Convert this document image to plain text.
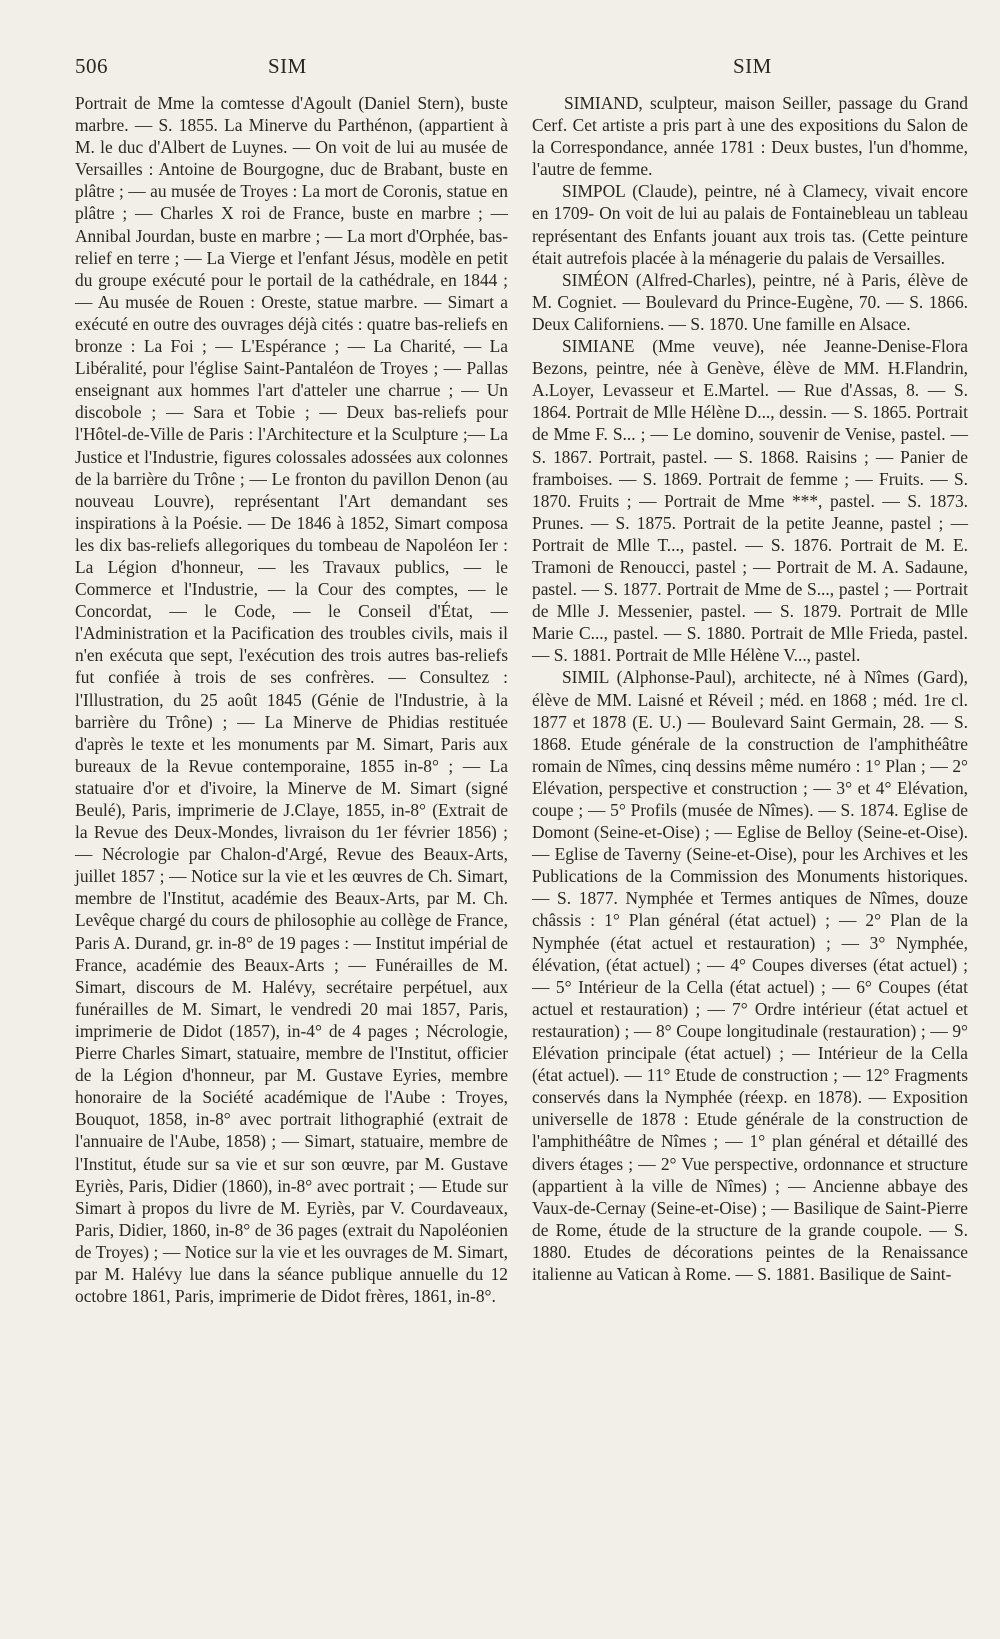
506	SIM	SIM

Portrait de Mme la comtesse d'Agoult (Daniel Stern), buste marbre. — S. 1855. La Minerve du Parthénon, (appartient à M. le duc d'Albert de Luynes. — On voit de lui au musée de Versailles : Antoine de Bourgogne, duc de Brabant, buste en plâtre ; — au musée de Troyes : La mort de Coronis, statue en plâtre ; — Charles X roi de France, buste en marbre ; — Annibal Jourdan, buste en marbre ; — La mort d'Orphée, bas-relief en terre ; — La Vierge et l'enfant Jésus, modèle en petit du groupe exécuté pour le portail de la cathédrale, en 1844 ; — Au musée de Rouen : Oreste, statue marbre. — Simart a exécuté en outre des ouvrages déjà cités : quatre bas-reliefs en bronze : La Foi ; — L'Espérance ; — La Charité, — La Libéralité, pour l'église Saint-Pantaléon de Troyes ; — Pallas enseignant aux hommes l'art d'atteler une charrue ; — Un discobole ; — Sara et Tobie ; — Deux bas-reliefs pour l'Hôtel-de-Ville de Paris : l'Architecture et la Sculpture ;— La Justice et l'Industrie, figures colossales adossées aux colonnes de la barrière du Trône ; — Le fronton du pavillon Denon (au nouveau Louvre), représentant l'Art demandant ses inspirations à la Poésie. — De 1846 à 1852, Simart composa les dix bas-reliefs allegoriques du tombeau de Napoléon Ier : La Légion d'honneur, — les Travaux publics, — le Commerce et l'Industrie, — la Cour des comptes, — le Concordat, — le Code, — le Conseil d'État, — l'Administration et la Pacification des troubles civils, mais il n'en exécuta que sept, l'exécution des trois autres bas-reliefs fut confiée à trois de ses confrères. — Consultez : l'Illustration, du 25 août 1845 (Génie de l'Industrie, à la barrière du Trône) ; — La Minerve de Phidias restituée d'après le texte et les monuments par M. Simart, Paris aux bureaux de la Revue contemporaine, 1855 in-8° ; — La statuaire d'or et d'ivoire, la Minerve de M. Simart (signé Beulé), Paris, imprimerie de J.Claye, 1855, in-8° (Extrait de la Revue des Deux-Mondes, livraison du 1er février 1856) ; — Nécrologie par Chalon-d'Argé, Revue des Beaux-Arts, juillet 1857 ; — Notice sur la vie et les œuvres de Ch. Simart, membre de l'Institut, académie des Beaux-Arts, par M. Ch. Levêque chargé du cours de philosophie au collège de France, Paris A. Durand, gr. in-8° de 19 pages : — Institut impérial de France, académie des Beaux-Arts ; — Funérailles de M. Simart, discours de M. Halévy, secrétaire perpétuel, aux funérailles de M. Simart, le vendredi 20 mai 1857, Paris, imprimerie de Didot (1857), in-4° de 4 pages ; Nécrologie, Pierre Charles Simart, statuaire, membre de l'Institut, officier de la Légion d'honneur, par M. Gustave Eyries, membre honoraire de la Société académique de l'Aube : Troyes, Bouquot, 1858, in-8° avec portrait lithographié (extrait de l'annuaire de l'Aube, 1858) ; — Simart, statuaire, membre de l'Institut, étude sur sa vie et sur son œuvre, par M. Gustave Eyriès, Paris, Didier (1860), in-8° avec portrait ; — Etude sur Simart à propos du livre de M. Eyriès, par V. Courdaveaux, Paris, Didier, 1860, in-8° de 36 pages (extrait du Napoléonien de Troyes) ; — Notice sur la vie et les ouvrages de M. Simart, par M. Halévy lue dans la séance publique annuelle du 12 octobre 1861, Paris, imprimerie de Didot frères, 1861, in-8°.

SIMIAND, sculpteur, maison Seiller, passage du Grand Cerf. Cet artiste a pris part à une des expositions du Salon de la Correspondance, année 1781 : Deux bustes, l'un d'homme, l'autre de femme.

SIMPOL (Claude), peintre, né à Clamecy, vivait encore en 1709- On voit de lui au palais de Fontainebleau un tableau représentant des Enfants jouant aux trois tas. (Cette peinture était autrefois placée à la ménagerie du palais de Versailles.

SIMÉON (Alfred-Charles), peintre, né à Paris, élève de M. Cogniet. — Boulevard du Prince-Eugène, 70. — S. 1866. Deux Californiens. — S. 1870. Une famille en Alsace.

SIMIANE (Mme veuve), née Jeanne-Denise-Flora Bezons, peintre, née à Genève, élève de MM. H.Flandrin, A.Loyer, Levasseur et E.Martel. — Rue d'Assas, 8. — S. 1864. Portrait de Mlle Hélène D..., dessin. — S. 1865. Portrait de Mme F. S... ; — Le domino, souvenir de Venise, pastel. — S. 1867. Portrait, pastel. — S. 1868. Raisins ; — Panier de framboises. — S. 1869. Portrait de femme ; — Fruits. — S. 1870. Fruits ; — Portrait de Mme ***, pastel. — S. 1873. Prunes. — S. 1875. Portrait de la petite Jeanne, pastel ; — Portrait de Mlle T..., pastel. — S. 1876. Portrait de M. E. Tramoni de Renoucci, pastel ; — Portrait de M. A. Sadaune, pastel. — S. 1877. Portrait de Mme de S..., pastel ; — Portrait de Mlle J. Messenier, pastel. — S. 1879. Portrait de Mlle Marie C..., pastel. — S. 1880. Portrait de Mlle Frieda, pastel. — S. 1881. Portrait de Mlle Hélène V..., pastel.

SIMIL (Alphonse-Paul), architecte, né à Nîmes (Gard), élève de MM. Laisné et Réveil ; méd. en 1868 ; méd. 1re cl. 1877 et 1878 (E. U.) — Boulevard Saint Germain, 28. — S. 1868. Etude générale de la construction de l'amphithéâtre romain de Nîmes, cinq dessins même numéro : 1° Plan ; — 2° Elévation, perspective et construction ; — 3° et 4° Elévation, coupe ; — 5° Profils (musée de Nîmes). — S. 1874. Eglise de Domont (Seine-et-Oise) ; — Eglise de Belloy (Seine-et-Oise). — Eglise de Taverny (Seine-et-Oise), pour les Archives et les Publications de la Commission des Monuments historiques. — S. 1877. Nymphée et Termes antiques de Nîmes, douze châssis : 1° Plan général (état actuel) ; — 2° Plan de la Nymphée (état actuel et restauration) ; — 3° Nymphée, élévation, (état actuel) ; — 4° Coupes diverses (état actuel) ; — 5° Intérieur de la Cella (état actuel) ; — 6° Coupes (état actuel et restauration) ; — 7° Ordre intérieur (état actuel et restauration) ; — 8° Coupe longitudinale (restauration) ; — 9° Elévation principale (état actuel) ; — Intérieur de la Cella (état actuel). — 11° Etude de construction ; — 12° Fragments conservés dans la Nymphée (réexp. en 1878). — Exposition universelle de 1878 : Etude générale de la construction de l'amphithéâtre de Nîmes ; — 1° plan général et détaillé des divers étages ; — 2° Vue perspective, ordonnance et structure (appartient à la ville de Nîmes) ; — Ancienne abbaye des Vaux-de-Cernay (Seine-et-Oise) ; — Basilique de Saint-Pierre de Rome, étude de la structure de la grande coupole. — S. 1880. Etudes de décorations peintes de la Renaissance italienne au Vatican à Rome. — S. 1881. Basilique de Saint-
